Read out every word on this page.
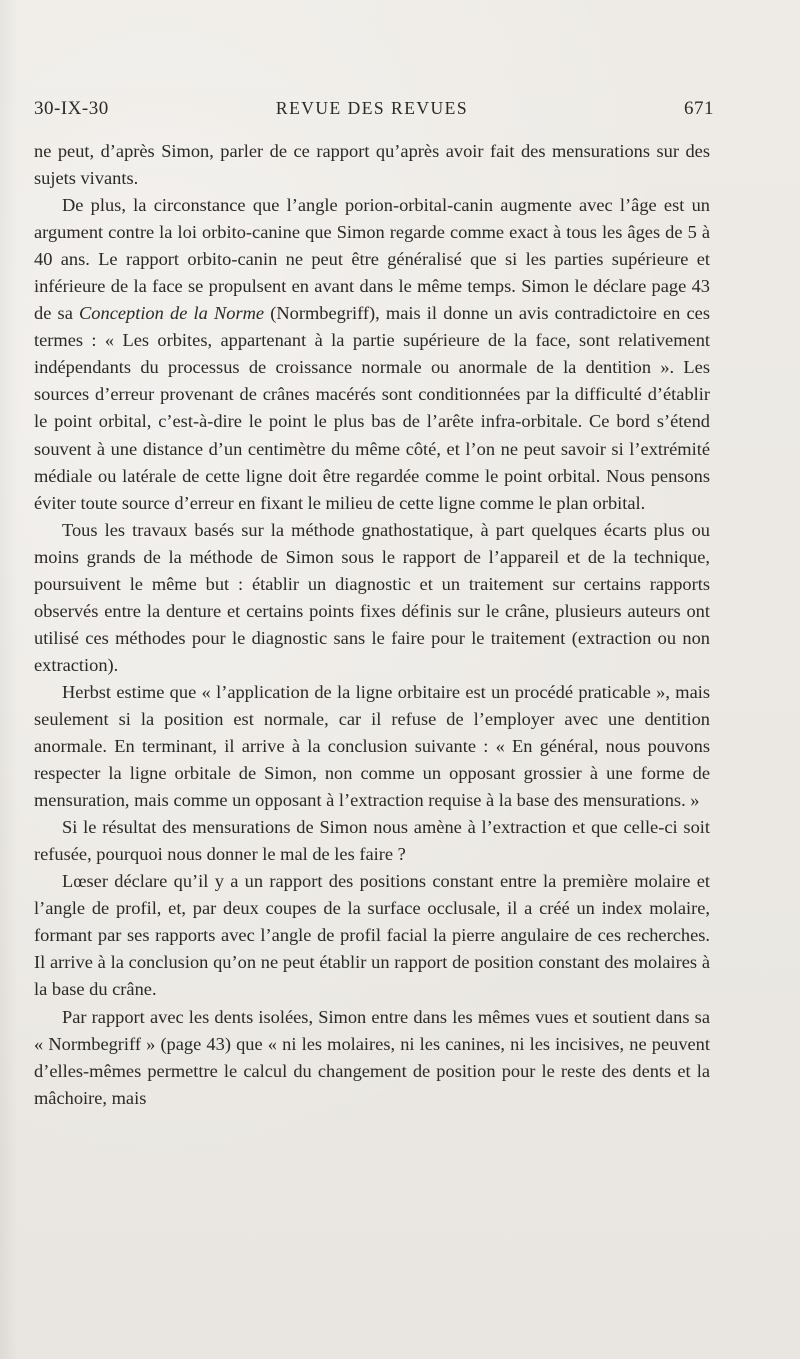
30-IX-30	REVUE DES REVUES	671

ne peut, d’après Simon, parler de ce rapport qu’après avoir fait des mensurations sur des sujets vivants.

De plus, la circonstance que l’angle porion-orbital-canin augmente avec l’âge est un argument contre la loi orbito-canine que Simon regarde comme exact à tous les âges de 5 à 40 ans. Le rapport orbito-canin ne peut être généralisé que si les parties supérieure et inférieure de la face se propulsent en avant dans le même temps. Simon le déclare page 43 de sa Conception de la Norme (Normbegriff), mais il donne un avis contradictoire en ces termes : « Les orbites, appartenant à la partie supérieure de la face, sont relativement indépendants du processus de croissance normale ou anormale de la dentition ». Les sources d’erreur provenant de crânes macérés sont conditionnées par la difficulté d’établir le point orbital, c’est-à-dire le point le plus bas de l’arête infra-orbitale. Ce bord s’étend souvent à une distance d’un centimètre du même côté, et l’on ne peut savoir si l’extrémité médiale ou latérale de cette ligne doit être regardée comme le point orbital. Nous pensons éviter toute source d’erreur en fixant le milieu de cette ligne comme le plan orbital.

Tous les travaux basés sur la méthode gnathostatique, à part quelques écarts plus ou moins grands de la méthode de Simon sous le rapport de l’appareil et de la technique, poursuivent le même but : établir un diagnostic et un traitement sur certains rapports observés entre la denture et certains points fixes définis sur le crâne, plusieurs auteurs ont utilisé ces méthodes pour le diagnostic sans le faire pour le traitement (extraction ou non extraction).

Herbst estime que « l’application de la ligne orbitaire est un procédé praticable », mais seulement si la position est normale, car il refuse de l’employer avec une dentition anormale. En terminant, il arrive à la conclusion suivante : « En général, nous pouvons respecter la ligne orbitale de Simon, non comme un opposant grossier à une forme de mensuration, mais comme un opposant à l’extraction requise à la base des mensurations. »

Si le résultat des mensurations de Simon nous amène à l’extraction et que celle-ci soit refusée, pourquoi nous donner le mal de les faire ?

Lœser déclare qu’il y a un rapport des positions constant entre la première molaire et l’angle de profil, et, par deux coupes de la surface occlusale, il a créé un index molaire, formant par ses rapports avec l’angle de profil facial la pierre angulaire de ces recherches. Il arrive à la conclusion qu’on ne peut établir un rapport de position constant des molaires à la base du crâne.

Par rapport avec les dents isolées, Simon entre dans les mêmes vues et soutient dans sa « Normbegriff » (page 43) que « ni les molaires, ni les canines, ni les incisives, ne peuvent d’elles-mêmes permettre le calcul du changement de position pour le reste des dents et la mâchoire, mais
